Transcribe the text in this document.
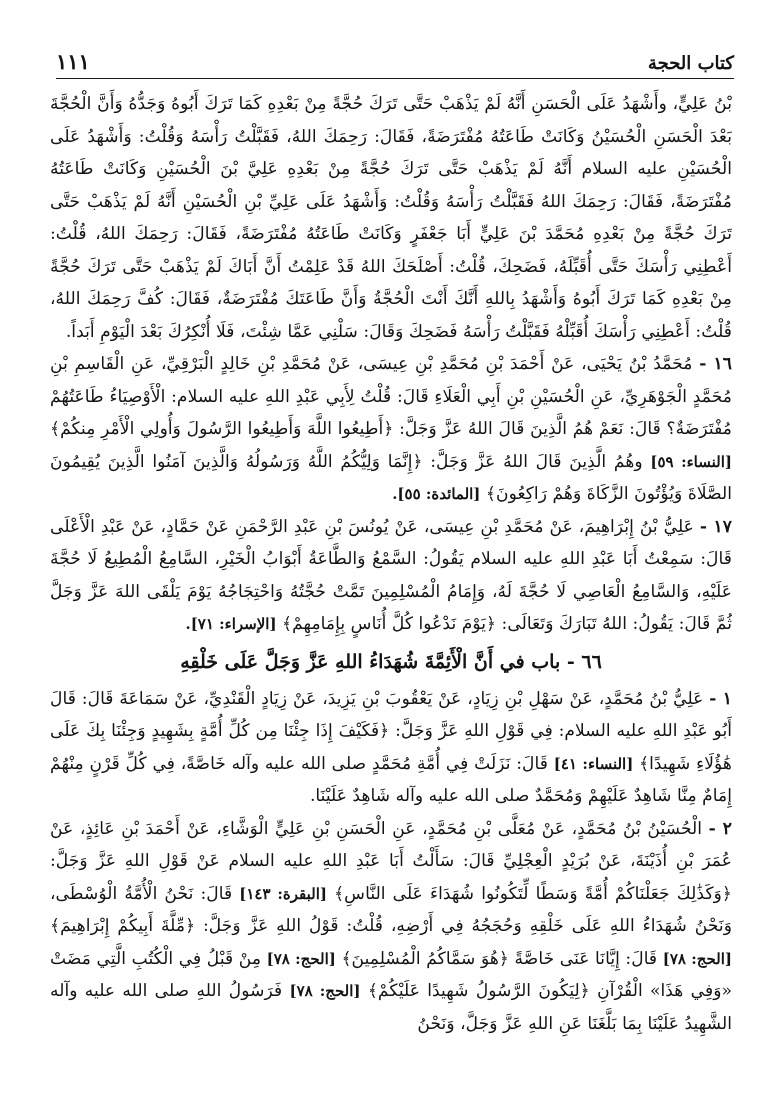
١١١	كتاب الحجة

بْنُ عَلِيٍّ، وأَشْهَدُ عَلَى الْحَسَنِ أَنَّهُ لَمْ يَذْهَبْ حَتَّى تَرَكَ حُجَّةً مِنْ بَعْدِهِ كَمَا تَرَكَ أَبُوهُ وَجَدُّهُ وَأَنَّ الْحُجَّةَ بَعْدَ الْحَسَنِ الْحُسَيْنُ وَكَانَتْ طَاعَتُهُ مُفْتَرَضَةً، فَقَالَ: رَحِمَكَ اللهُ، فَقَبَّلْتُ رَأْسَهُ وَقُلْتُ: وَأَشْهَدُ عَلَى الْحُسَيْنِ عليه السلام أَنَّهُ لَمْ يَذْهَبْ حَتَّى تَرَكَ حُجَّةً مِنْ بَعْدِهِ عَلِيَّ بْنَ الْحُسَيْنِ وَكَانَتْ طَاعَتُهُ مُفْتَرَضَةً، فَقَالَ: رَحِمَكَ اللهُ فَقَبَّلْتُ رَأْسَهُ وَقُلْتُ: وَأَشْهَدُ عَلَى عَلِيِّ بْنِ الْحُسَيْنِ أَنَّهُ لَمْ يَذْهَبْ حَتَّى تَرَكَ حُجَّةً مِنْ بَعْدِهِ مُحَمَّدَ بْنَ عَلِيٍّ أَبَا جَعْفَرٍ وَكَانَتْ طَاعَتُهُ مُفْتَرَضَةً، فَقَالَ: رَحِمَكَ اللهُ، قُلْتُ: أَعْطِنِي رَأْسَكَ حَتَّى أُقَبِّلَهُ، فَضَحِكَ، قُلْتُ: أَصْلَحَكَ اللهُ قَدْ عَلِمْتُ أَنَّ أَبَاكَ لَمْ يَذْهَبْ حَتَّى تَرَكَ حُجَّةً مِنْ بَعْدِهِ كَمَا تَرَكَ أَبُوهُ وَأَشْهَدُ بِاللهِ أَنَّكَ أَنْتَ الْحُجَّةُ وَأَنَّ طَاعَتَكَ مُفْتَرَضَةٌ، فَقَالَ: كُفَّ رَحِمَكَ اللهُ، قُلْتُ: أَعْطِنِي رَأْسَكَ أُقَبِّلْهُ فَقَبَّلْتُ رَأْسَهُ فَضَحِكَ وَقَالَ: سَلْنِي عَمَّا شِئْتَ، فَلَا أُنْكِرُكَ بَعْدَ الْيَوْمِ أَبَداً.

١٦ - مُحَمَّدُ بْنُ يَحْيَى، عَنْ أَحْمَدَ بْنِ مُحَمَّدِ بْنِ عِيسَى، عَنْ مُحَمَّدِ بْنِ خَالِدٍ الْبَرْقِيِّ، عَنِ الْقَاسِمِ بْنِ مُحَمَّدٍ الْجَوْهَرِيِّ، عَنِ الْحُسَيْنِ بْنِ أَبِي الْعَلَاءِ قَالَ: قُلْتُ لِأَبِي عَبْدِ اللهِ عليه السلام: الْأَوْصِيَاءُ طَاعَتُهُمْ مُفْتَرَضَةٌ؟ قَالَ: نَعَمْ هُمُ الَّذِينَ قَالَ اللهُ عَزَّ وَجَلَّ: ﴿أَطِيعُوا اللَّهَ وَأَطِيعُوا الرَّسُولَ وَأُولِي الْأَمْرِ مِنكُمْ﴾ [النساء: ٥٩] وهُمُ الَّذِينَ قَالَ اللهُ عَزَّ وَجَلَّ: ﴿إِنَّمَا وَلِيُّكُمُ اللَّهُ وَرَسُولُهُ وَالَّذِينَ آمَنُوا الَّذِينَ يُقِيمُونَ الصَّلَاةَ وَيُؤْتُونَ الزَّكَاةَ وَهُمْ رَاكِعُونَ﴾ [المائدة: ٥٥].

١٧ - عَلِيُّ بْنُ إِبْرَاهِيمَ، عَنْ مُحَمَّدِ بْنِ عِيسَى، عَنْ يُونُسَ بْنِ عَبْدِ الرَّحْمَنِ عَنْ حَمَّادٍ، عَنْ عَبْدِ الْأَعْلَى قَالَ: سَمِعْتُ أَبَا عَبْدِ اللهِ عليه السلام يَقُولُ: السَّمْعُ وَالطَّاعَةُ أَبْوَابُ الْخَيْرِ، السَّامِعُ الْمُطِيعُ لَا حُجَّةَ عَلَيْهِ، وَالسَّامِعُ الْعَاصِي لَا حُجَّةَ لَهُ، وَإِمَامُ الْمُسْلِمِينَ تَمَّتْ حُجَّتُهُ وَاحْتِجَاجُهُ يَوْمَ يَلْقَى اللهَ عَزَّ وَجَلَّ ثُمَّ قَالَ: يَقُولُ: اللهُ تَبَارَكَ وَتَعَالَى: ﴿يَوْمَ نَدْعُوا كُلَّ أُنَاسٍ بِإِمَامِهِمْ﴾ [الإسراء: ٧١].

٦٦ - باب في أَنَّ الْأَئِمَّةَ شُهَدَاءُ اللهِ عَزَّ وَجَلَّ عَلَى خَلْقِهِ

١ - عَلِيُّ بْنُ مُحَمَّدٍ، عَنْ سَهْلِ بْنِ زِيَادٍ، عَنْ يَعْقُوبَ بْنِ يَزِيدَ، عَنْ زِيَادٍ الْقَنْدِيِّ، عَنْ سَمَاعَةَ قَالَ: قَالَ أَبُو عَبْدِ اللهِ عليه السلام: فِي قَوْلِ اللهِ عَزَّ وَجَلَّ: ﴿فَكَيْفَ إِذَا جِئْنَا مِن كُلِّ أُمَّةٍ بِشَهِيدٍ وَجِئْنَا بِكَ عَلَى هَٰؤُلَاءِ شَهِيدًا﴾ [النساء: ٤١] قَالَ: نَزَلَتْ فِي أُمَّةِ مُحَمَّدٍ صلى الله عليه وآله خَاصَّةً، فِي كُلِّ قَرْنٍ مِنْهُمْ إِمَامٌ مِنَّا شَاهِدٌ عَلَيْهِمْ وَمُحَمَّدٌ صلى الله عليه وآله شَاهِدٌ عَلَيْنَا.

٢ - الْحُسَيْنُ بْنُ مُحَمَّدٍ، عَنْ مُعَلَّى بْنِ مُحَمَّدٍ، عَنِ الْحَسَنِ بْنِ عَلِيٍّ الْوَشَّاءِ، عَنْ أَحْمَدَ بْنِ عَائِذٍ، عَنْ عُمَرَ بْنِ أُذَيْنَةَ، عَنْ بُرَيْدٍ الْعِجْلِيِّ قَالَ: سَأَلْتُ أَبَا عَبْدِ اللهِ عليه السلام عَنْ قَوْلِ اللهِ عَزَّ وَجَلَّ: ﴿وَكَذَٰلِكَ جَعَلْنَاكُمْ أُمَّةً وَسَطًا لِّتَكُونُوا شُهَدَاءَ عَلَى النَّاسِ﴾ [البقرة: ١٤٣] قَالَ: نَحْنُ الْأُمَّةُ الْوُسْطَى، وَنَحْنُ شُهَدَاءُ اللهِ عَلَى خَلْقِهِ وَحُجَجُهُ فِي أَرْضِهِ، قُلْتُ: قَوْلُ اللهِ عَزَّ وَجَلَّ: ﴿مِّلَّةَ أَبِيكُمْ إِبْرَاهِيمَ﴾ [الحج: ٧٨] قَالَ: إِيَّانَا عَنَى خَاصَّةً ﴿هُوَ سَمَّاكُمُ الْمُسْلِمِينَ﴾ [الحج: ٧٨] مِنْ قَبْلُ فِي الْكُتُبِ الَّتِي مَضَتْ «وَفِي هَذَا» الْقُرْآنِ ﴿لِيَكُونَ الرَّسُولُ شَهِيدًا عَلَيْكُمْ﴾ [الحج: ٧٨] فَرَسُولُ اللهِ صلى الله عليه وآله الشَّهِيدُ عَلَيْنَا بِمَا بَلَّغَنَا عَنِ اللهِ عَزَّ وَجَلَّ، وَنَحْنُ
